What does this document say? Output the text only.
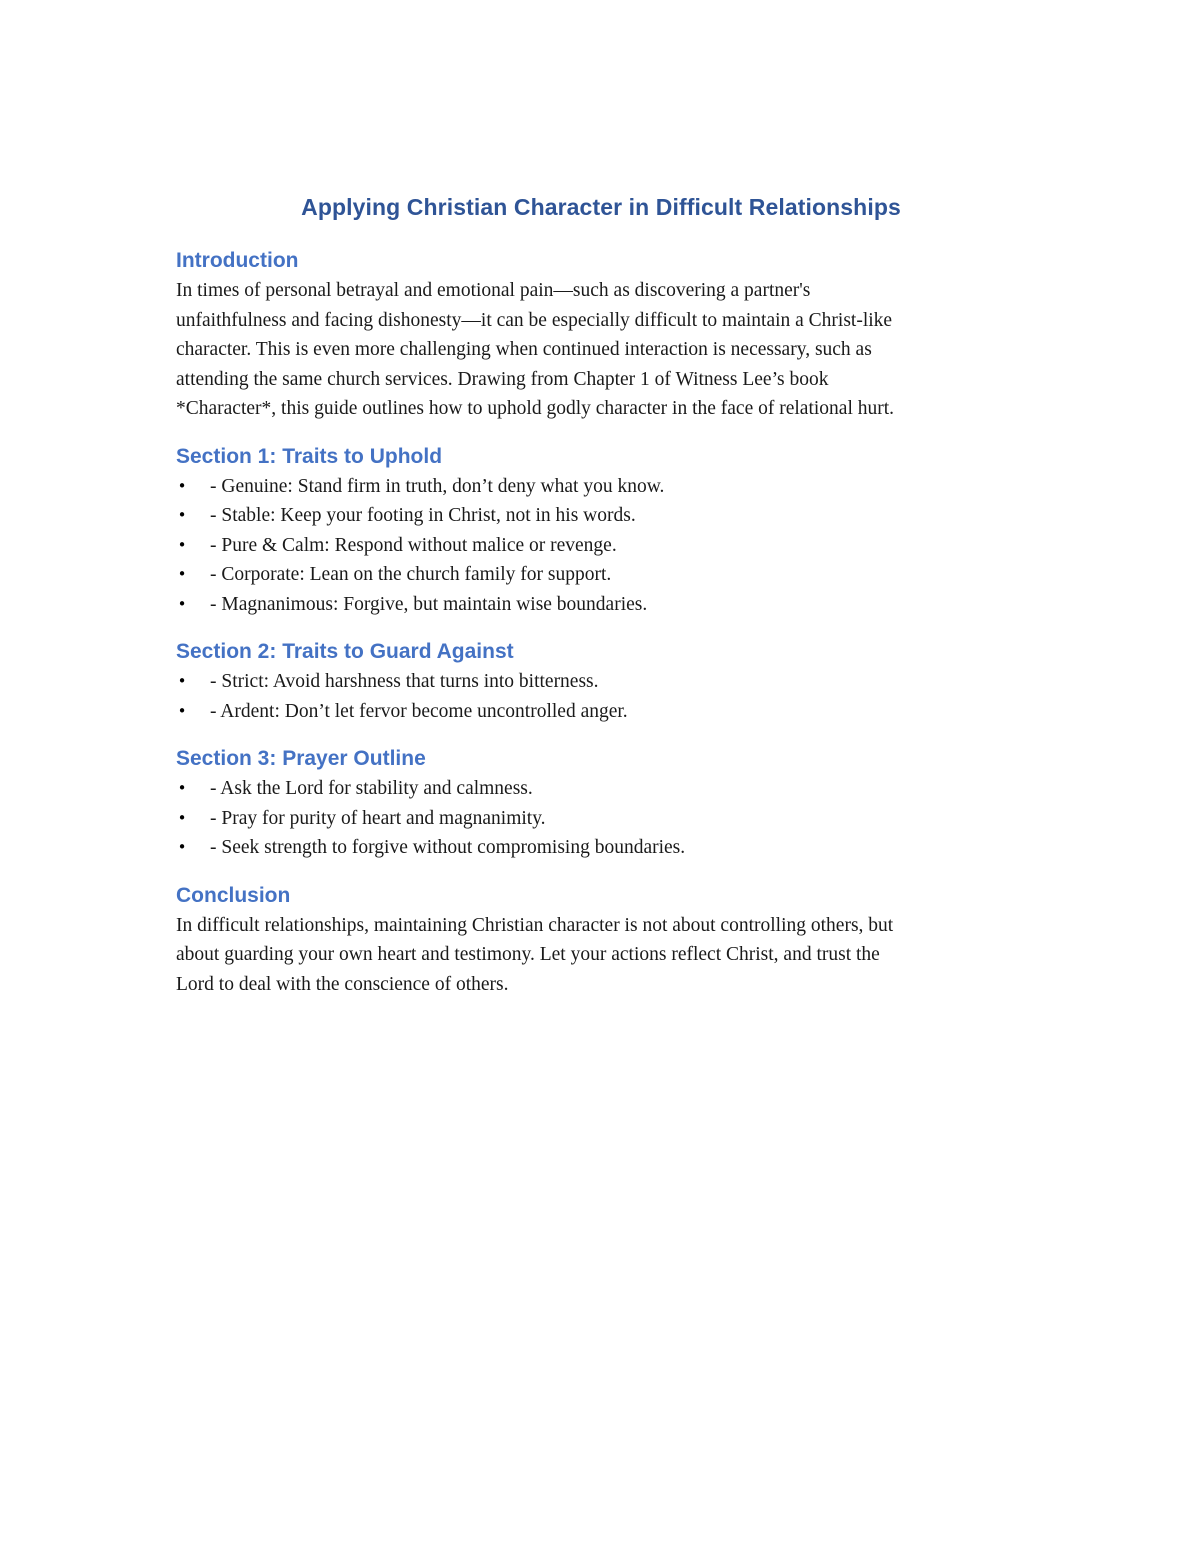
Applying Christian Character in Difficult Relationships
Introduction

In times of personal betrayal and emotional pain—such as discovering a partner's

unfaithfulness and facing dishonesty—it can be especially difficult to maintain a Christ-like

character. This is even more challenging when continued interaction is necessary, such as

attending the same church services. Drawing from Chapter 1 of Witness Lee’s book

*Character*, this guide outlines how to uphold godly character in the face of relational hurt.

Section 1: Traits to Uphold
• - Genuine: Stand firm in truth, don’t deny what you know.
• - Stable: Keep your footing in Christ, not in his words.
• - Pure & Calm: Respond without malice or revenge.
• - Corporate: Lean on the church family for support.
• - Magnanimous: Forgive, but maintain wise boundaries.
Section 2: Traits to Guard Against
• - Strict: Avoid harshness that turns into bitterness.
• - Ardent: Don’t let fervor become uncontrolled anger.
Section 3: Prayer Outline
• - Ask the Lord for stability and calmness.
• - Pray for purity of heart and magnanimity.
• - Seek strength to forgive without compromising boundaries.
Conclusion

In difficult relationships, maintaining Christian character is not about controlling others, but

about guarding your own heart and testimony. Let your actions reflect Christ, and trust the

Lord to deal with the conscience of others.
